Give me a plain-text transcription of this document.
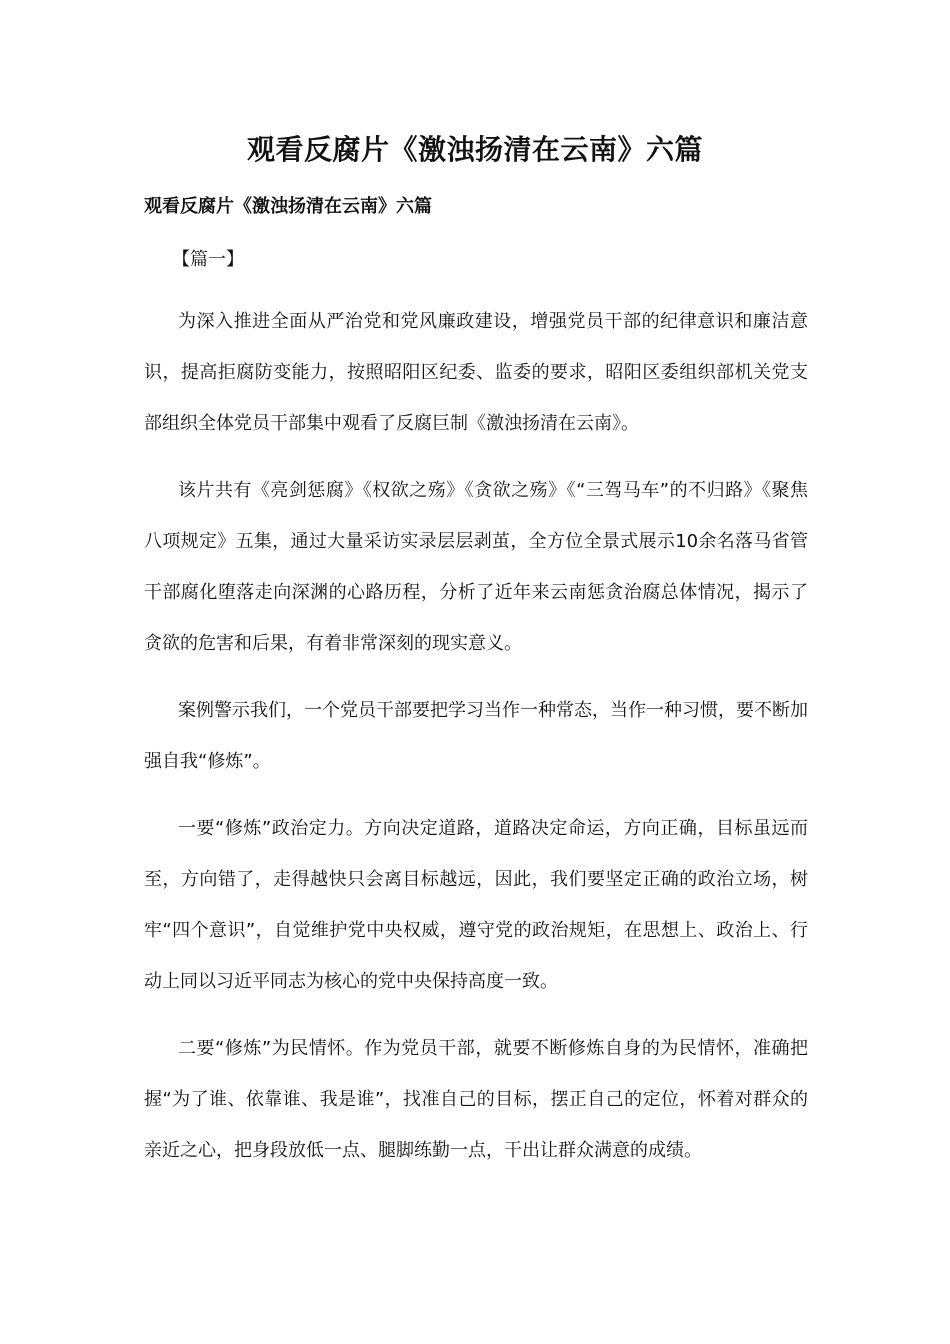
观看反腐片《激浊扬清在云南》六篇
观看反腐片《激浊扬清在云南》六篇

【篇一】

为深入推进全面从严治党和党风廉政建设，增强党员干部的纪律意识和廉洁意识，提高拒腐防变能力，按照昭阳区纪委、监委的要求，昭阳区委组织部机关党支部组织全体党员干部集中观看了反腐巨制《激浊扬清在云南》。

该片共有《亮剑惩腐》《权欲之殇》《贪欲之殇》《“三驾马车”的不归路》《聚焦八项规定》五集，通过大量采访实录层层剥茧，全方位全景式展示10余名落马省管干部腐化堕落走向深渊的心路历程，分析了近年来云南惩贪治腐总体情况，揭示了贪欲的危害和后果，有着非常深刻的现实意义。

案例警示我们，一个党员干部要把学习当作一种常态，当作一种习惯，要不断加强自我“修炼”。

一要“修炼”政治定力。方向决定道路，道路决定命运，方向正确，目标虽远而至，方向错了，走得越快只会离目标越远，因此，我们要坚定正确的政治立场，树牢“四个意识”，自觉维护党中央权威，遵守党的政治规矩，在思想上、政治上、行动上同以习近平同志为核心的党中央保持高度一致。

二要“修炼”为民情怀。作为党员干部，就要不断修炼自身的为民情怀，准确把握“为了谁、依靠谁、我是谁”，找准自己的目标，摆正自己的定位，怀着对群众的亲近之心，把身段放低一点、腿脚练勤一点，干出让群众满意的成绩。
